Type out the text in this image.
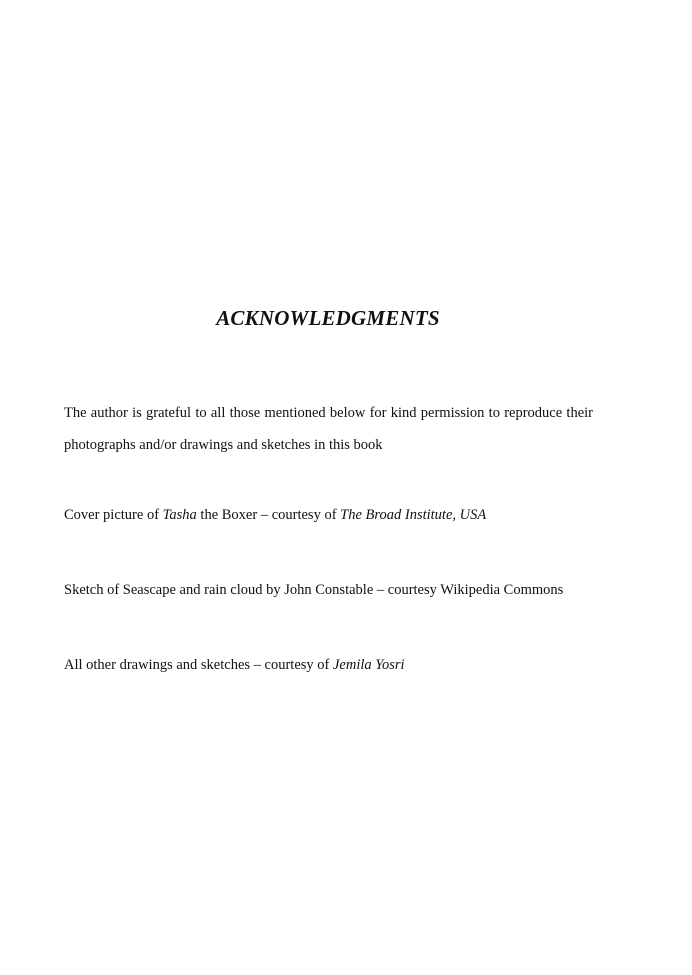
ACKNOWLEDGMENTS

The author is grateful to all those mentioned below for kind permission to reproduce their photographs and/or drawings and sketches in this book

Cover picture of Tasha the Boxer – courtesy of The Broad Institute, USA

Sketch of Seascape and rain cloud by John Constable – courtesy Wikipedia Commons

All other drawings and sketches – courtesy of Jemila Yosri
